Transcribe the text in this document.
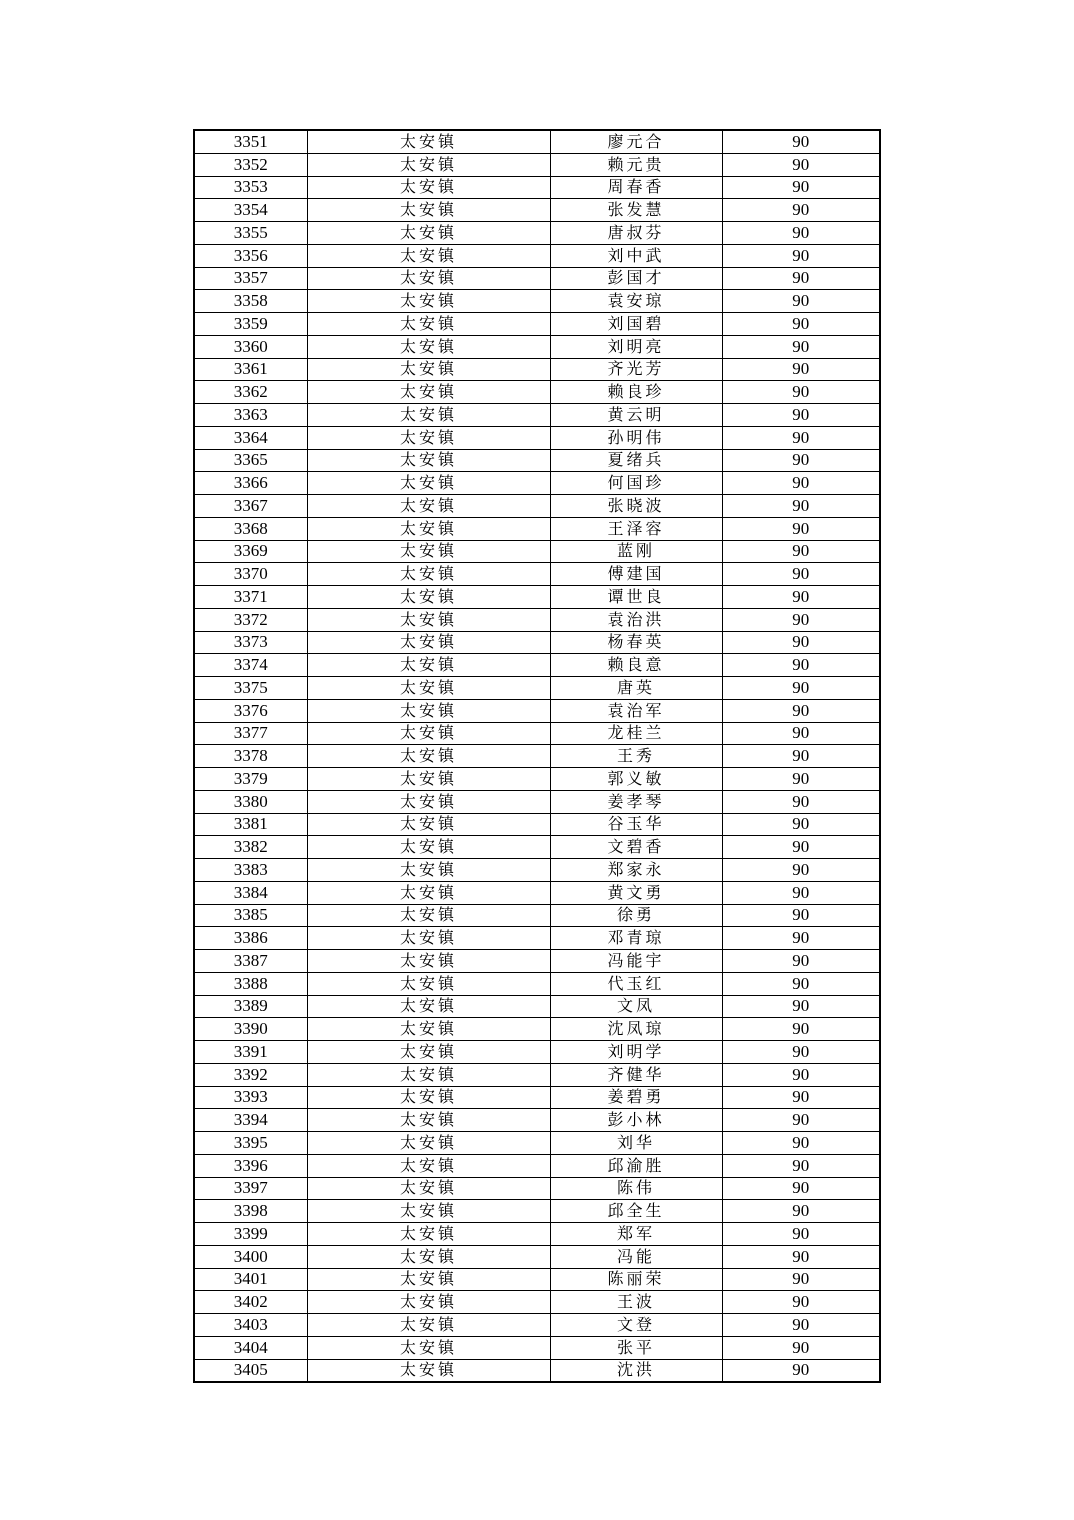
3351	太安镇	廖元合	90
3352	太安镇	赖元贵	90
3353	太安镇	周春香	90
3354	太安镇	张发慧	90
3355	太安镇	唐叔芬	90
3356	太安镇	刘中武	90
3357	太安镇	彭国才	90
3358	太安镇	袁安琼	90
3359	太安镇	刘国碧	90
3360	太安镇	刘明亮	90
3361	太安镇	齐光芳	90
3362	太安镇	赖良珍	90
3363	太安镇	黄云明	90
3364	太安镇	孙明伟	90
3365	太安镇	夏绪兵	90
3366	太安镇	何国珍	90
3367	太安镇	张晓波	90
3368	太安镇	王泽容	90
3369	太安镇	蓝刚	90
3370	太安镇	傅建国	90
3371	太安镇	谭世良	90
3372	太安镇	袁治洪	90
3373	太安镇	杨春英	90
3374	太安镇	赖良意	90
3375	太安镇	唐英	90
3376	太安镇	袁治军	90
3377	太安镇	龙桂兰	90
3378	太安镇	王秀	90
3379	太安镇	郭义敏	90
3380	太安镇	姜孝琴	90
3381	太安镇	谷玉华	90
3382	太安镇	文碧香	90
3383	太安镇	郑家永	90
3384	太安镇	黄文勇	90
3385	太安镇	徐勇	90
3386	太安镇	邓青琼	90
3387	太安镇	冯能宇	90
3388	太安镇	代玉红	90
3389	太安镇	文凤	90
3390	太安镇	沈凤琼	90
3391	太安镇	刘明学	90
3392	太安镇	齐健华	90
3393	太安镇	姜碧勇	90
3394	太安镇	彭小林	90
3395	太安镇	刘华	90
3396	太安镇	邱渝胜	90
3397	太安镇	陈伟	90
3398	太安镇	邱全生	90
3399	太安镇	郑军	90
3400	太安镇	冯能	90
3401	太安镇	陈丽荣	90
3402	太安镇	王波	90
3403	太安镇	文登	90
3404	太安镇	张平	90
3405	太安镇	沈洪	90
